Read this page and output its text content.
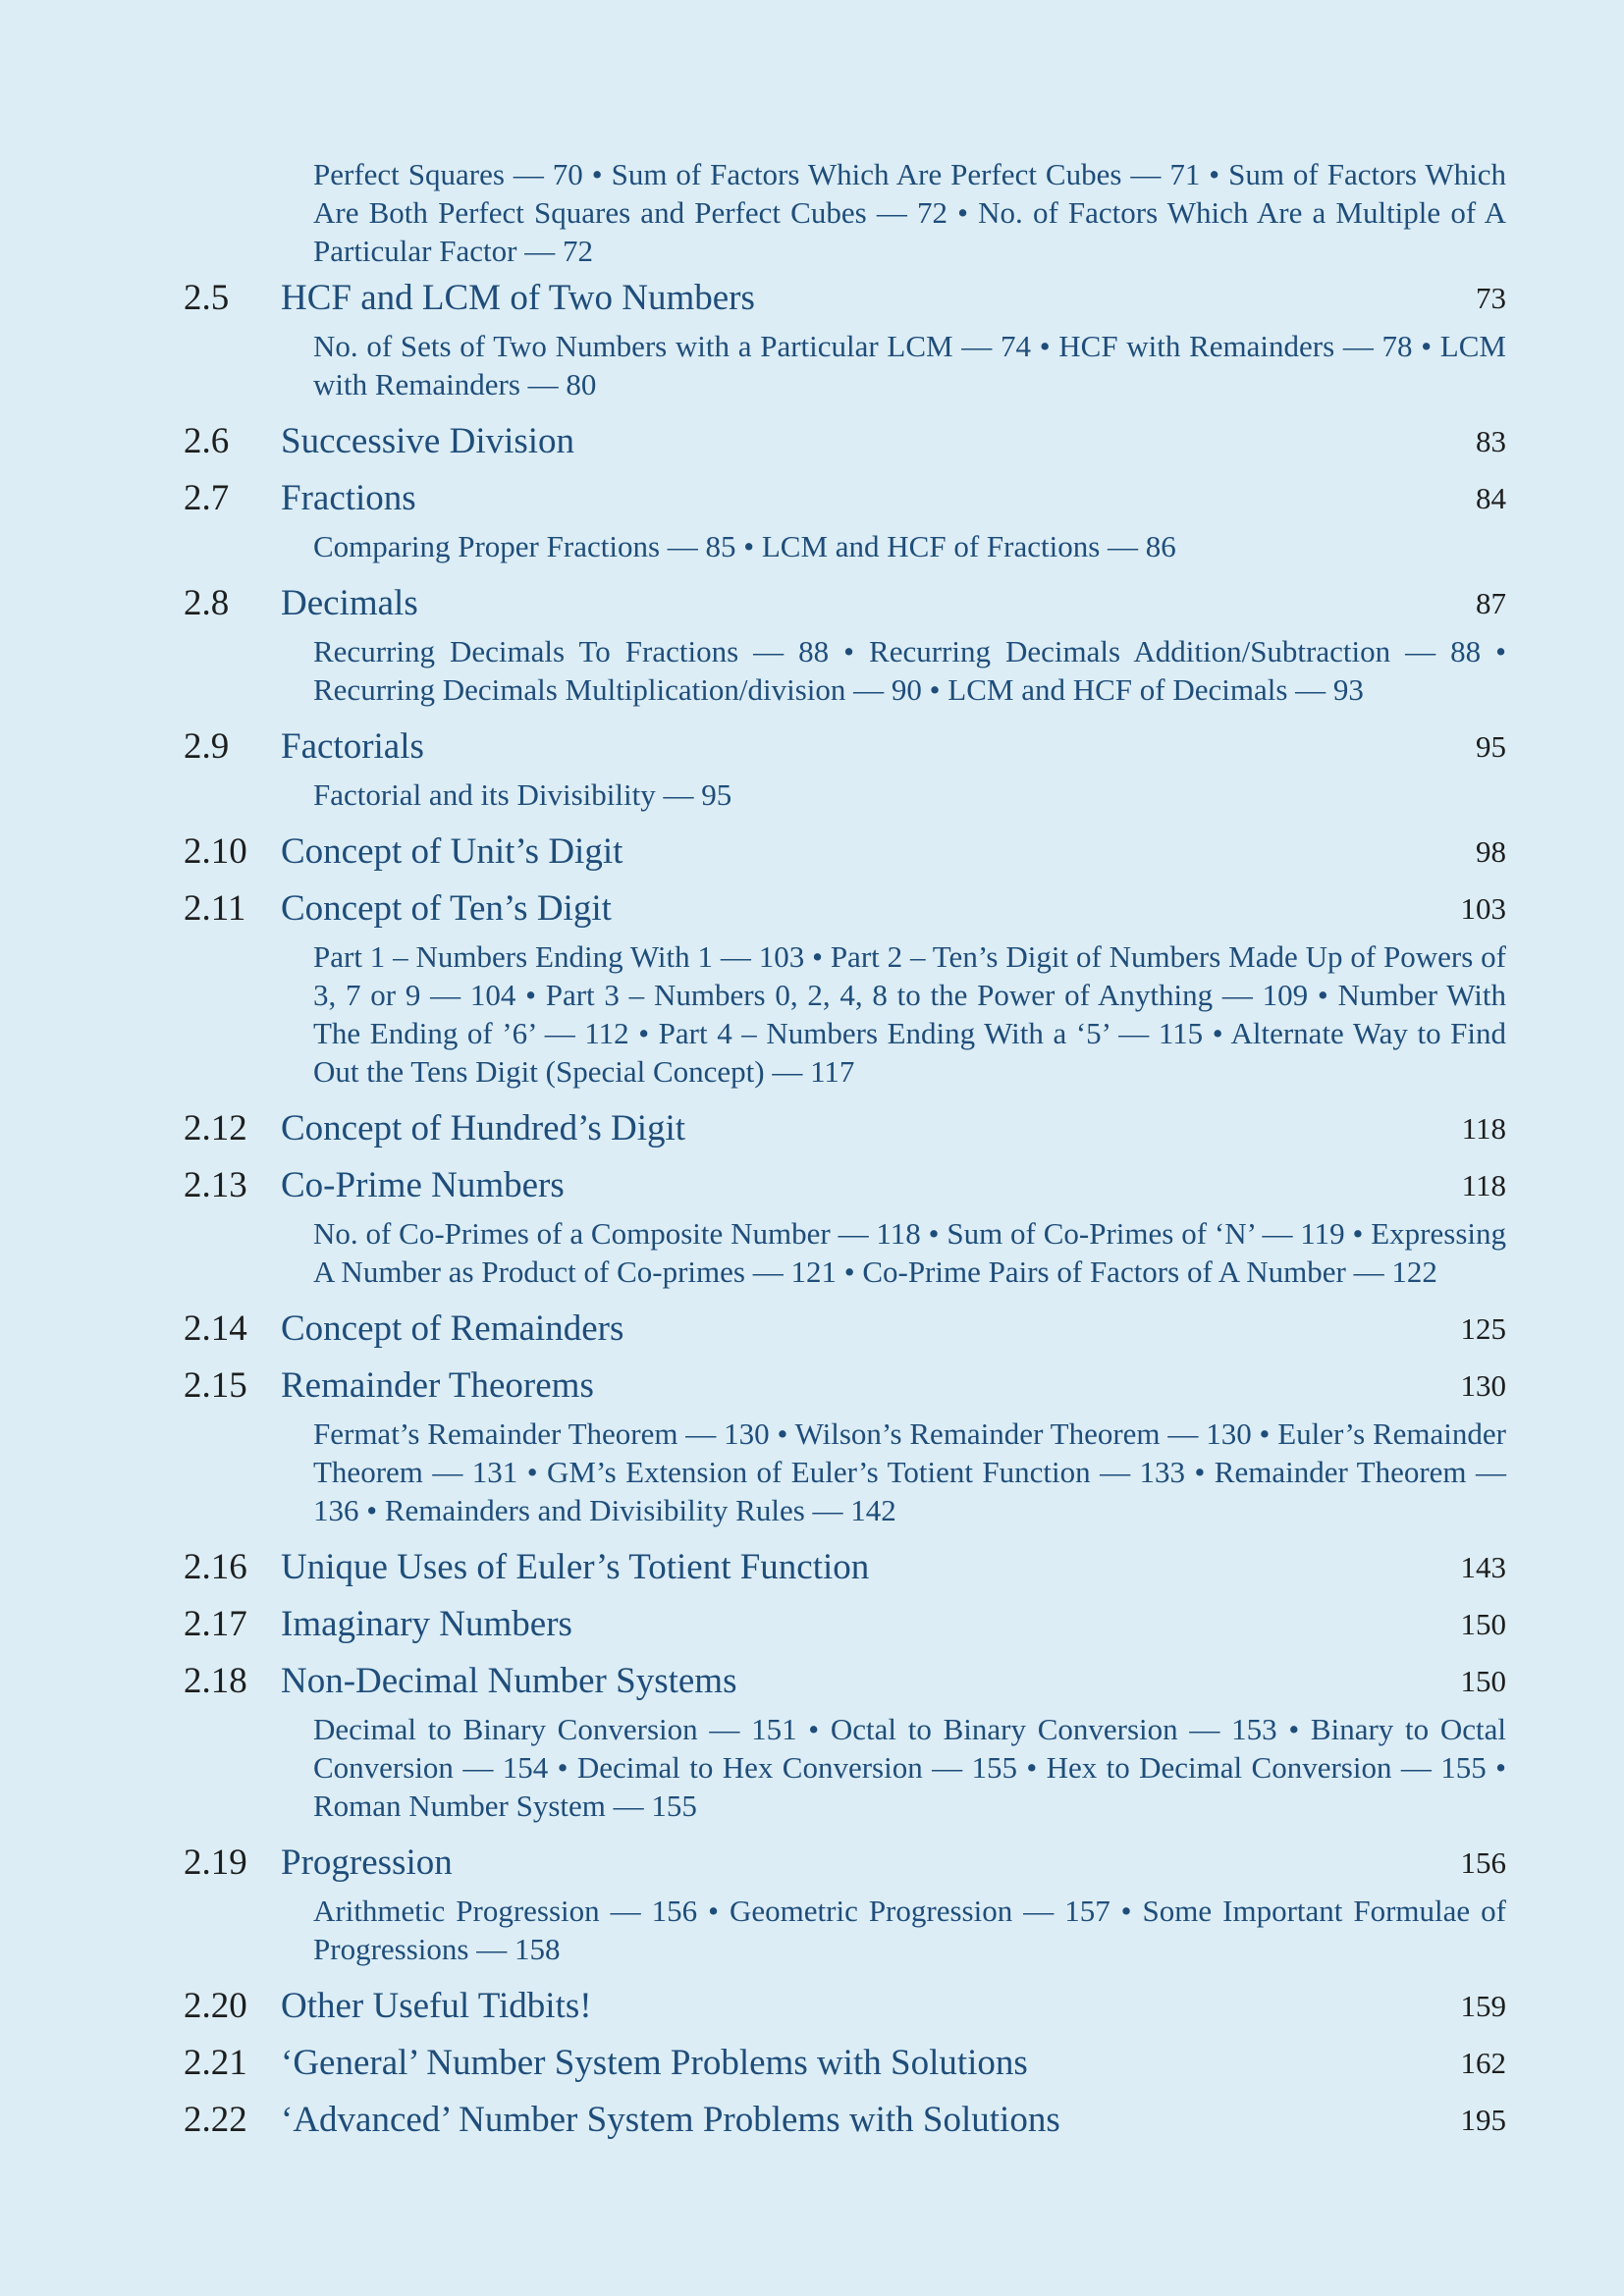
Perfect Squares — 70 • Sum of Factors Which Are Perfect Cubes — 71 • Sum of Factors Which Are Both Perfect Squares and Perfect Cubes — 72 • No. of Factors Which Are a Multiple of A Particular Factor — 72
2.5 HCF and LCM of Two Numbers	73
No. of Sets of Two Numbers with a Particular LCM — 74 • HCF with Remainders — 78 • LCM with Remainders — 80
2.6 Successive Division	83
2.7 Fractions	84
Comparing Proper Fractions — 85 • LCM and HCF of Fractions — 86
2.8 Decimals	87
Recurring Decimals To Fractions — 88 • Recurring Decimals Addition/Subtraction — 88 • Recurring Decimals Multiplication/division — 90 • LCM and HCF of Decimals — 93
2.9 Factorials	95
Factorial and its Divisibility — 95
2.10 Concept of Unit’s Digit	98
2.11 Concept of Ten’s Digit	103
Part 1 – Numbers Ending With 1 — 103 • Part 2 – Ten’s Digit of Numbers Made Up of Powers of 3, 7 or 9 — 104 • Part 3 – Numbers 0, 2, 4, 8 to the Power of Anything — 109 • Number With The Ending of ’6’ — 112 • Part 4 – Numbers Ending With a ‘5’ — 115 • Alternate Way to Find Out the Tens Digit (Special Concept) — 117
2.12 Concept of Hundred’s Digit	118
2.13 Co-Prime Numbers	118
No. of Co-Primes of a Composite Number — 118 • Sum of Co-Primes of ‘N’ — 119 • Expressing A Number as Product of Co-primes — 121 • Co-Prime Pairs of Factors of A Number — 122
2.14 Concept of Remainders	125
2.15 Remainder Theorems	130
Fermat’s Remainder Theorem — 130 • Wilson’s Remainder Theorem — 130 • Euler’s Remainder Theorem — 131 • GM’s Extension of Euler’s Totient Function — 133 • Remainder Theorem — 136 • Remainders and Divisibility Rules — 142
2.16 Unique Uses of Euler’s Totient Function	143
2.17 Imaginary Numbers	150
2.18 Non-Decimal Number Systems	150
Decimal to Binary Conversion — 151 • Octal to Binary Conversion — 153 • Binary to Octal Conversion — 154 • Decimal to Hex Conversion — 155 • Hex to Decimal Conversion — 155 • Roman Number System — 155
2.19 Progression	156
Arithmetic Progression — 156 • Geometric Progression — 157 • Some Important Formulae of Progressions — 158
2.20 Other Useful Tidbits!	159
2.21 ‘General’ Number System Problems with Solutions	162
2.22 ‘Advanced’ Number System Problems with Solutions	195
